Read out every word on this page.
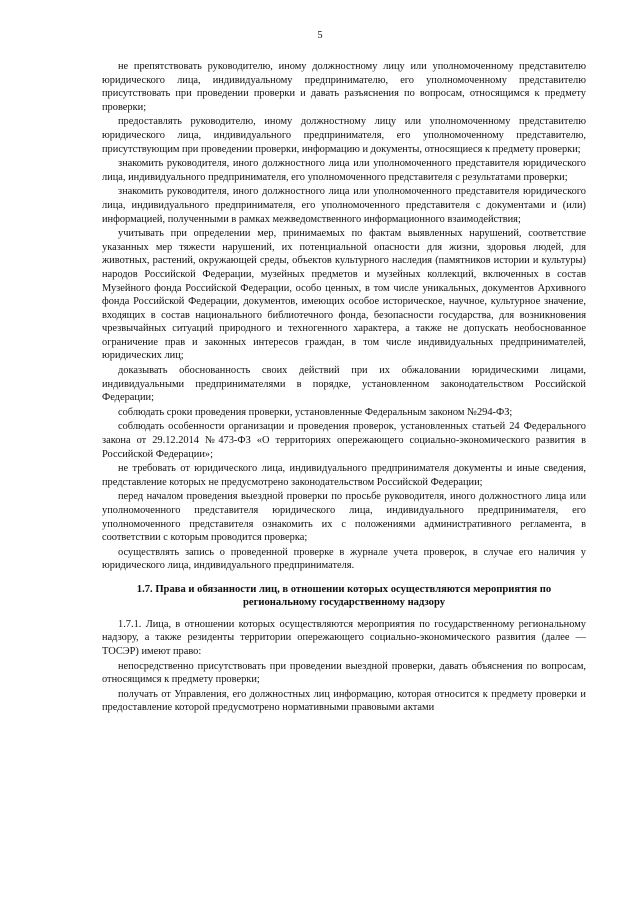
5

не препятствовать руководителю, иному должностному лицу или уполномоченному представителю юридического лица, индивидуальному предпринимателю, его уполномоченному представителю присутствовать при проведении проверки и давать разъяснения по вопросам, относящимся к предмету проверки;

предоставлять руководителю, иному должностному лицу или уполномоченному представителю юридического лица, индивидуального предпринимателя, его уполномоченному представителю, присутствующим при проведении проверки, информацию и документы, относящиеся к предмету проверки;

знакомить руководителя, иного должностного лица или уполномоченного представителя юридического лица, индивидуального предпринимателя, его уполномоченного представителя с результатами проверки;

знакомить руководителя, иного должностного лица или уполномоченного представителя юридического лица, индивидуального предпринимателя, его уполномоченного представителя с документами и (или) информацией, полученными в рамках межведомственного информационного взаимодействия;

учитывать при определении мер, принимаемых по фактам выявленных нарушений, соответствие указанных мер тяжести нарушений, их потенциальной опасности для жизни, здоровья людей, для животных, растений, окружающей среды, объектов культурного наследия (памятников истории и культуры) народов Российской Федерации, музейных предметов и музейных коллекций, включенных в состав Музейного фонда Российской Федерации, особо ценных, в том числе уникальных, документов Архивного фонда Российской Федерации, документов, имеющих особое историческое, научное, культурное значение, входящих в состав национального библиотечного фонда, безопасности государства, для возникновения чрезвычайных ситуаций природного и техногенного характера, а также не допускать необоснованное ограничение прав и законных интересов граждан, в том числе индивидуальных предпринимателей, юридических лиц;

доказывать обоснованность своих действий при их обжаловании юридическими лицами, индивидуальными предпринимателями в порядке, установленном законодательством Российской Федерации;

соблюдать сроки проведения проверки, установленные Федеральным законом №294-ФЗ;

соблюдать особенности организации и проведения проверок, установленных статьей 24 Федерального закона от 29.12.2014 №473-ФЗ «О территориях опережающего социально-экономического развития в Российской Федерации»;

не требовать от юридического лица, индивидуального предпринимателя документы и иные сведения, представление которых не предусмотрено законодательством Российской Федерации;

перед началом проведения выездной проверки по просьбе руководителя, иного должностного лица или уполномоченного представителя юридического лица, индивидуального предпринимателя, его уполномоченного представителя ознакомить их с положениями административного регламента, в соответствии с которым проводится проверка;

осуществлять запись о проведенной проверке в журнале учета проверок, в случае его наличия у юридического лица, индивидуального предпринимателя.

1.7. Права и обязанности лиц, в отношении которых осуществляются мероприятия по региональному государственному надзору

1.7.1. Лица, в отношении которых осуществляются мероприятия по государственному региональному надзору, а также резиденты территории опережающего социально-экономического развития (далее — ТОСЭР) имеют право:

непосредственно присутствовать при проведении выездной проверки, давать объяснения по вопросам, относящимся к предмету проверки;

получать от Управления, его должностных лиц информацию, которая относится к предмету проверки и предоставление которой предусмотрено нормативными правовыми актами
